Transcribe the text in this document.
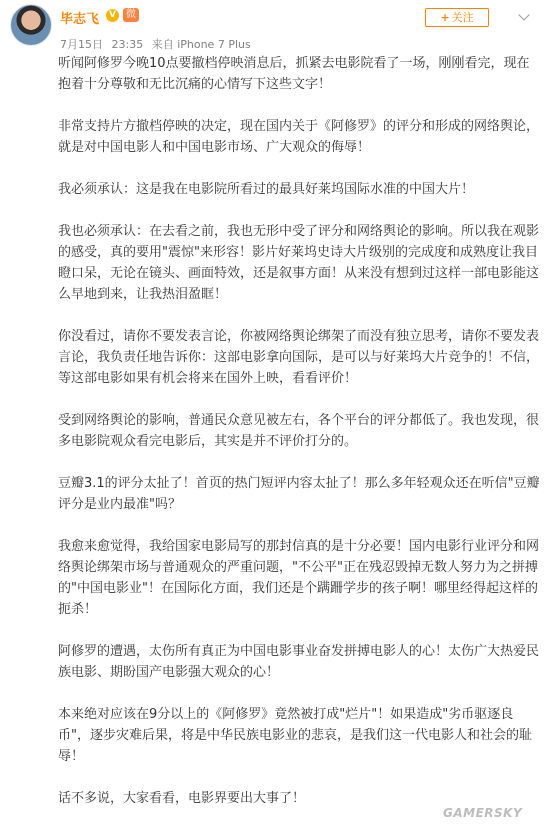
毕志飞	V	微
7月15日 23:35 来自 iPhone 7 Plus
+ 关注

听闻阿修罗今晚10点要撤档停映消息后，抓紧去电影院看了一场，刚刚看完，现在抱着十分尊敬和无比沉痛的心情写下这些文字！

非常支持片方撤档停映的决定，现在国内关于《阿修罗》的评分和形成的网络舆论，就是对中国电影人和中国电影市场、广大观众的侮辱！

我必须承认：这是我在电影院所看过的最具好莱坞国际水准的中国大片！

我也必须承认：在去看之前，我也无形中受了评分和网络舆论的影响。所以我在观影的感受，真的要用"震惊"来形容！影片好莱坞史诗大片级别的完成度和成熟度让我目瞪口呆，无论在镜头、画面特效，还是叙事方面！从来没有想到过这样一部电影能这么早地到来，让我热泪盈眶！

你没看过，请你不要发表言论，你被网络舆论绑架了而没有独立思考，请你不要发表言论，我负责任地告诉你：这部电影拿向国际，是可以与好莱坞大片竞争的！不信，等这部电影如果有机会将来在国外上映，看看评价！

受到网络舆论的影响，普通民众意见被左右，各个平台的评分都低了。我也发现，很多电影院观众看完电影后，其实是并不评价打分的。

豆瓣3.1的评分太扯了！首页的热门短评内容太扯了！那么多年轻观众还在听信"豆瓣评分是业内最准"吗？

我愈来愈觉得，我给国家电影局写的那封信真的是十分必要！国内电影行业评分和网络舆论绑架市场与普通观众的严重问题，"不公平"正在残忍毁掉无数人努力为之拼搏的"中国电影业"！在国际化方面，我们还是个蹒跚学步的孩子啊！哪里经得起这样的扼杀！

阿修罗的遭遇，太伤所有真正为中国电影事业奋发拼搏电影人的心！太伤广大热爱民族电影、期盼国产电影强大观众的心！

本来绝对应该在9分以上的《阿修罗》竟然被打成"烂片"！如果造成"劣币驱逐良币"，逐步灾难后果，将是中华民族电影业的悲哀，是我们这一代电影人和社会的耻辱！

话不多说，大家看看，电影界要出大事了！

GAMERSKY
